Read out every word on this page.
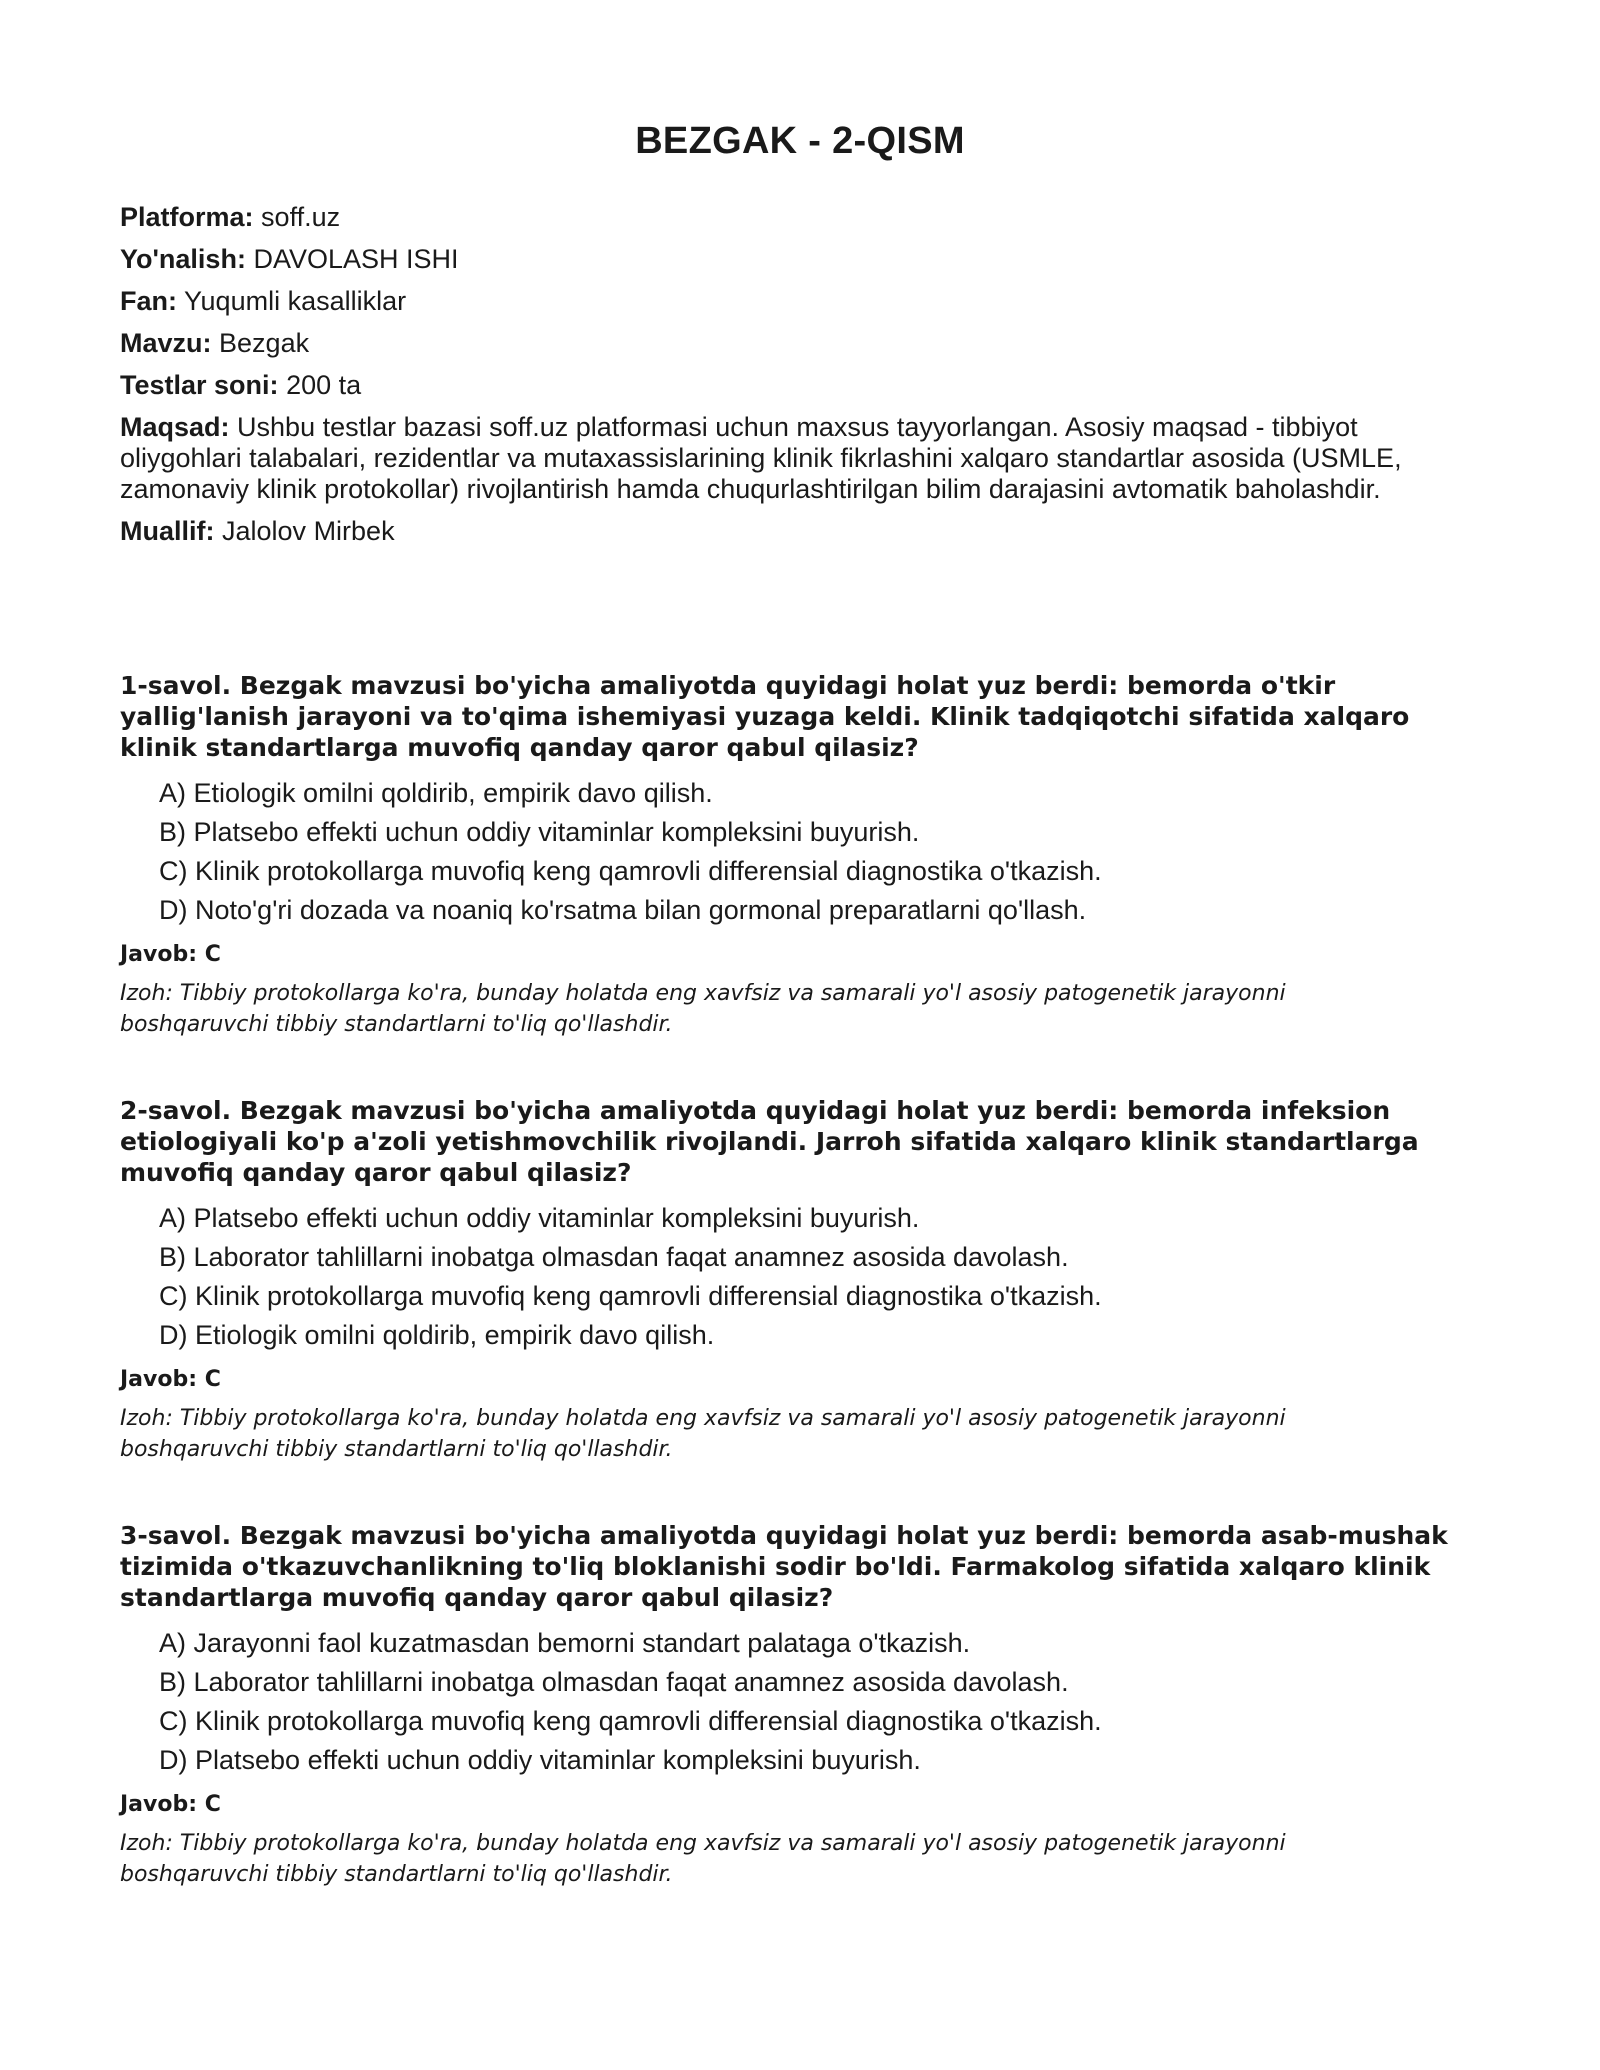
BEZGAK - 2-QISM
Platforma: soff.uz
Yo'nalish: DAVOLASH ISHI
Fan: Yuqumli kasalliklar
Mavzu: Bezgak
Testlar soni: 200 ta
Maqsad: Ushbu testlar bazasi soff.uz platformasi uchun maxsus tayyorlangan. Asosiy maqsad - tibbiyot oliygohlari talabalari, rezidentlar va mutaxassislarining klinik fikrlashini xalqaro standartlar asosida (USMLE, zamonaviy klinik protokollar) rivojlantirish hamda chuqurlashtirilgan bilim darajasini avtomatik baholashdir.
Muallif: Jalolov Mirbek

1-savol. Bezgak mavzusi bo'yicha amaliyotda quyidagi holat yuz berdi: bemorda o'tkir yallig'lanish jarayoni va to'qima ishemiyasi yuzaga keldi. Klinik tadqiqotchi sifatida xalqaro klinik standartlarga muvofiq qanday qaror qabul qilasiz?

A) Etiologik omilni qoldirib, empirik davo qilish.
B) Platsebo effekti uchun oddiy vitaminlar kompleksini buyurish.
C) Klinik protokollarga muvofiq keng qamrovli differensial diagnostika o'tkazish.
D) Noto'g'ri dozada va noaniq ko'rsatma bilan gormonal preparatlarni qo'llash.

Javob: C

Izoh: Tibbiy protokollarga ko'ra, bunday holatda eng xavfsiz va samarali yo'l asosiy patogenetik jarayonni boshqaruvchi tibbiy standartlarni to'liq qo'llashdir.

2-savol. Bezgak mavzusi bo'yicha amaliyotda quyidagi holat yuz berdi: bemorda infeksion etiologiyali ko'p a'zoli yetishmovchilik rivojlandi. Jarroh sifatida xalqaro klinik standartlarga muvofiq qanday qaror qabul qilasiz?

A) Platsebo effekti uchun oddiy vitaminlar kompleksini buyurish.
B) Laborator tahlillarni inobatga olmasdan faqat anamnez asosida davolash.
C) Klinik protokollarga muvofiq keng qamrovli differensial diagnostika o'tkazish.
D) Etiologik omilni qoldirib, empirik davo qilish.

Javob: C

Izoh: Tibbiy protokollarga ko'ra, bunday holatda eng xavfsiz va samarali yo'l asosiy patogenetik jarayonni boshqaruvchi tibbiy standartlarni to'liq qo'llashdir.

3-savol. Bezgak mavzusi bo'yicha amaliyotda quyidagi holat yuz berdi: bemorda asab-mushak tizimida o'tkazuvchanlikning to'liq bloklanishi sodir bo'ldi. Farmakolog sifatida xalqaro klinik standartlarga muvofiq qanday qaror qabul qilasiz?

A) Jarayonni faol kuzatmasdan bemorni standart palataga o'tkazish.
B) Laborator tahlillarni inobatga olmasdan faqat anamnez asosida davolash.
C) Klinik protokollarga muvofiq keng qamrovli differensial diagnostika o'tkazish.
D) Platsebo effekti uchun oddiy vitaminlar kompleksini buyurish.

Javob: C

Izoh: Tibbiy protokollarga ko'ra, bunday holatda eng xavfsiz va samarali yo'l asosiy patogenetik jarayonni boshqaruvchi tibbiy standartlarni to'liq qo'llashdir.
